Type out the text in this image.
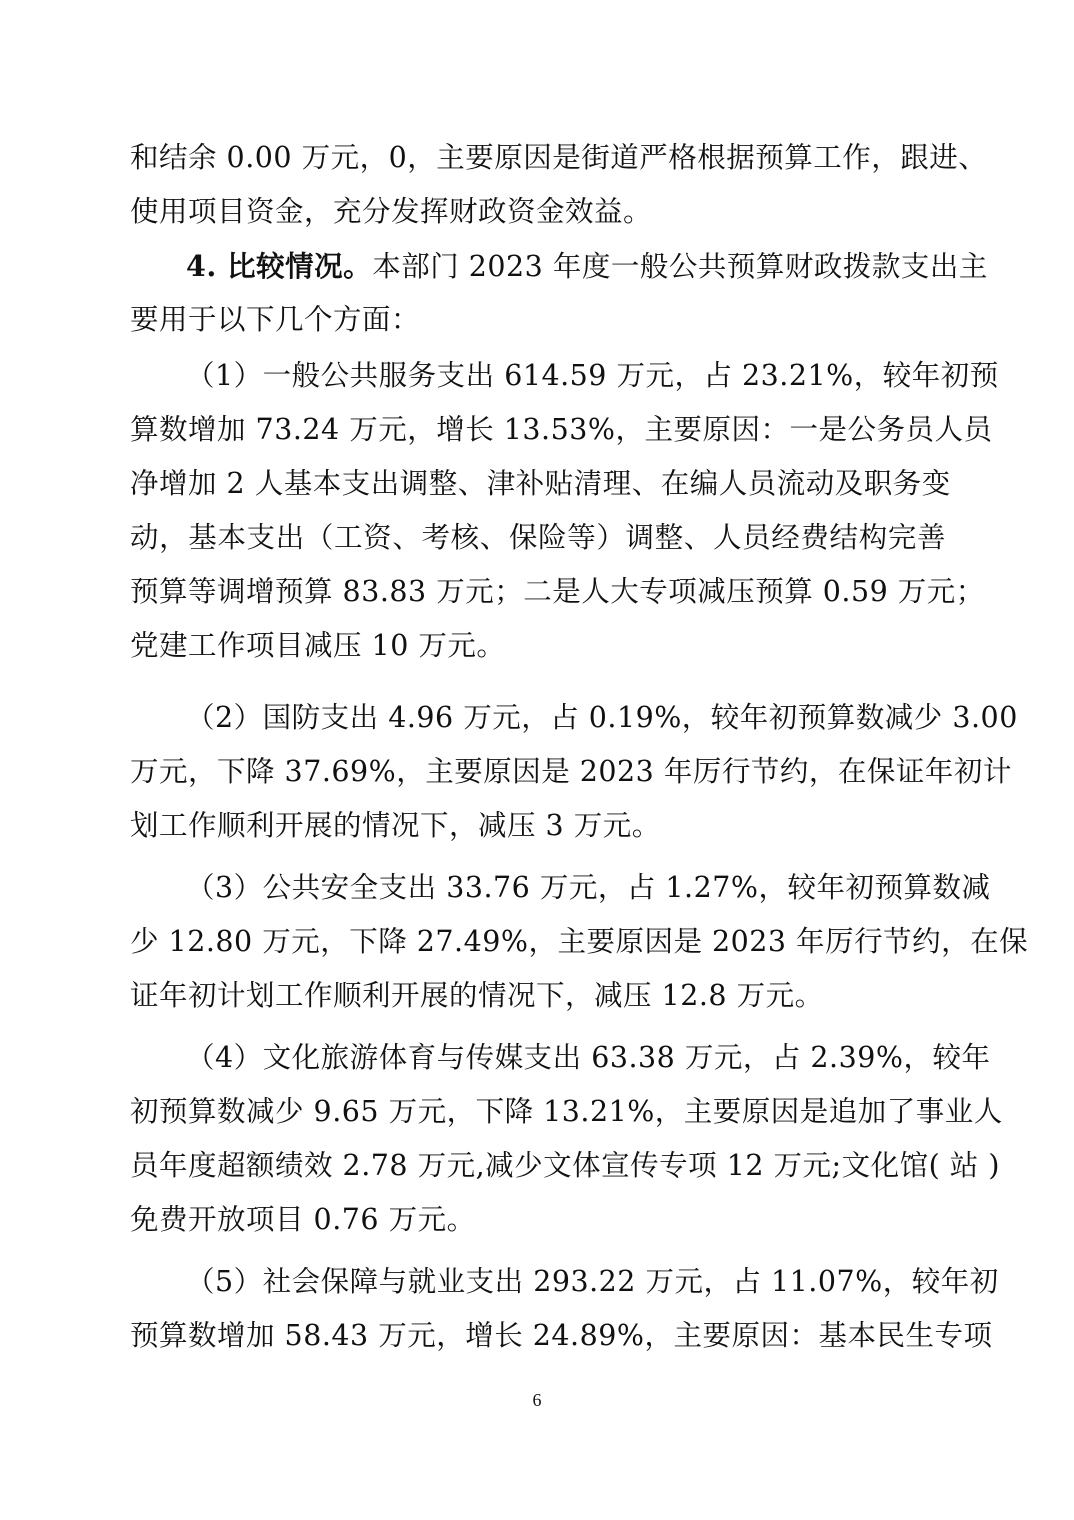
和结余 0.00 万元，0，主要原因是街道严格根据预算工作，跟进、
使用项目资金，充分发挥财政资金效益。
4. 比较情况。本部门 2023 年度一般公共预算财政拨款支出主
要用于以下几个方面：
（1）一般公共服务支出 614.59 万元，占 23.21%，较年初预
算数增加 73.24 万元，增长 13.53%，主要原因：一是公务员人员
净增加 2 人基本支出调整、津补贴清理、在编人员流动及职务变
动，基本支出（工资、考核、保险等）调整、人员经费结构完善
预算等调增预算 83.83 万元；二是人大专项减压预算 0.59 万元；
党建工作项目减压 10 万元。
（2）国防支出 4.96 万元，占 0.19%，较年初预算数减少 3.00
万元，下降 37.69%，主要原因是 2023 年厉行节约，在保证年初计
划工作顺利开展的情况下，减压 3 万元。
（3）公共安全支出 33.76 万元，占 1.27%，较年初预算数减
少 12.80 万元，下降 27.49%，主要原因是 2023 年厉行节约，在保
证年初计划工作顺利开展的情况下，减压 12.8 万元。
（4）文化旅游体育与传媒支出 63.38 万元，占 2.39%，较年
初预算数减少 9.65 万元，下降 13.21%，主要原因是追加了事业人
员年度超额绩效 2.78 万元,减少文体宣传专项 12 万元;文化馆( 站 )
免费开放项目 0.76 万元。
（5）社会保障与就业支出 293.22 万元，占 11.07%，较年初
预算数增加 58.43 万元，增长 24.89%，主要原因：基本民生专项
6
